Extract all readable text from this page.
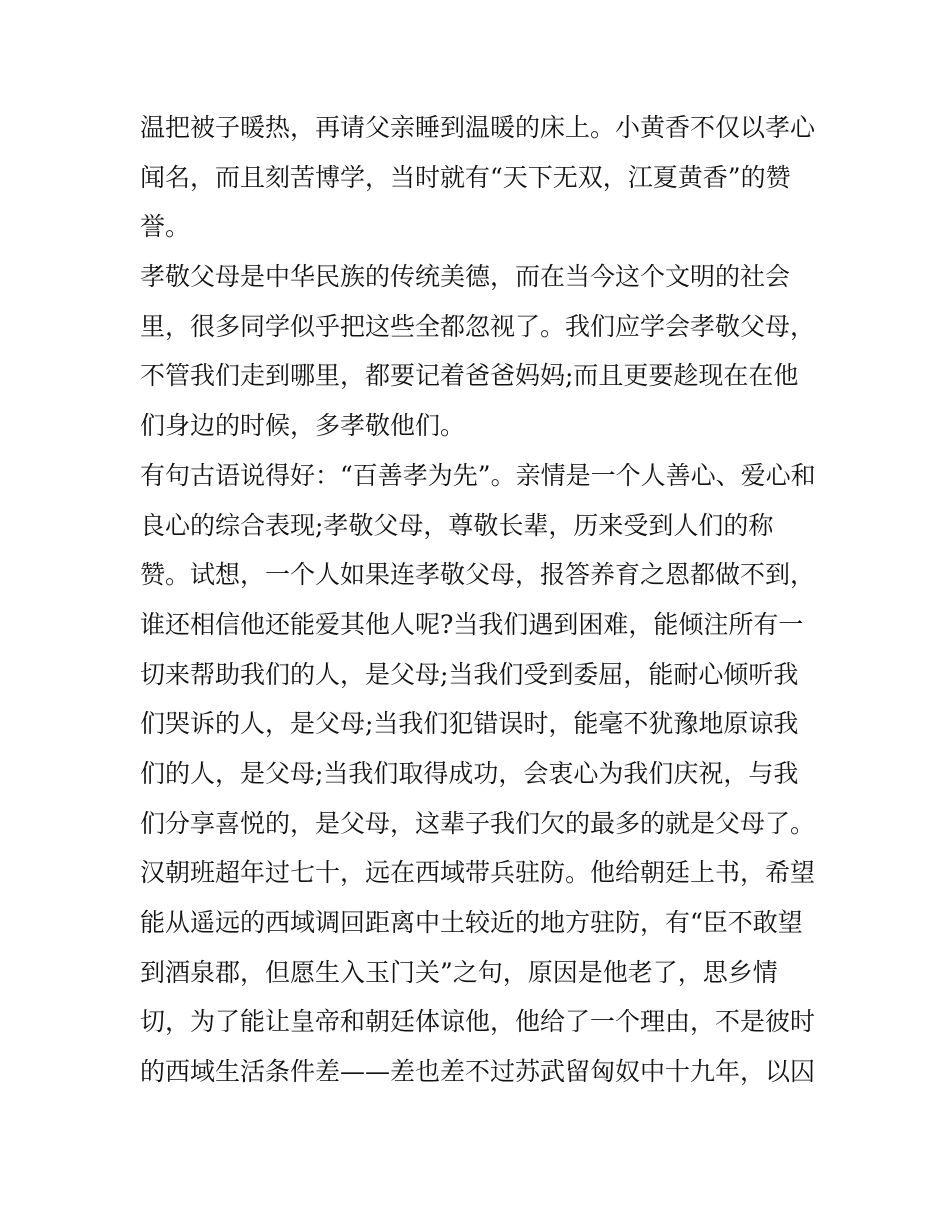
温把被子暖热，再请父亲睡到温暖的床上。小黄香不仅以孝心
闻名，而且刻苦博学，当时就有“天下无双，江夏黄香”的赞
誉。
孝敬父母是中华民族的传统美德，而在当今这个文明的社会
里，很多同学似乎把这些全都忽视了。我们应学会孝敬父母，
不管我们走到哪里，都要记着爸爸妈妈;而且更要趁现在在他
们身边的时候，多孝敬他们。
有句古语说得好：“百善孝为先”。亲情是一个人善心、爱心和
良心的综合表现;孝敬父母，尊敬长辈，历来受到人们的称
赞。试想，一个人如果连孝敬父母，报答养育之恩都做不到，
谁还相信他还能爱其他人呢?当我们遇到困难，能倾注所有一
切来帮助我们的人，是父母;当我们受到委屈，能耐心倾听我
们哭诉的人，是父母;当我们犯错误时，能毫不犹豫地原谅我
们的人，是父母;当我们取得成功，会衷心为我们庆祝，与我
们分享喜悦的，是父母，这辈子我们欠的最多的就是父母了。
汉朝班超年过七十，远在西域带兵驻防。他给朝廷上书，希望
能从遥远的西域调回距离中土较近的地方驻防，有“臣不敢望
到酒泉郡，但愿生入玉门关”之句，原因是他老了，思乡情
切，为了能让皇帝和朝廷体谅他，他给了一个理由，不是彼时
的西域生活条件差——差也差不过苏武留匈奴中十九年，以囚
